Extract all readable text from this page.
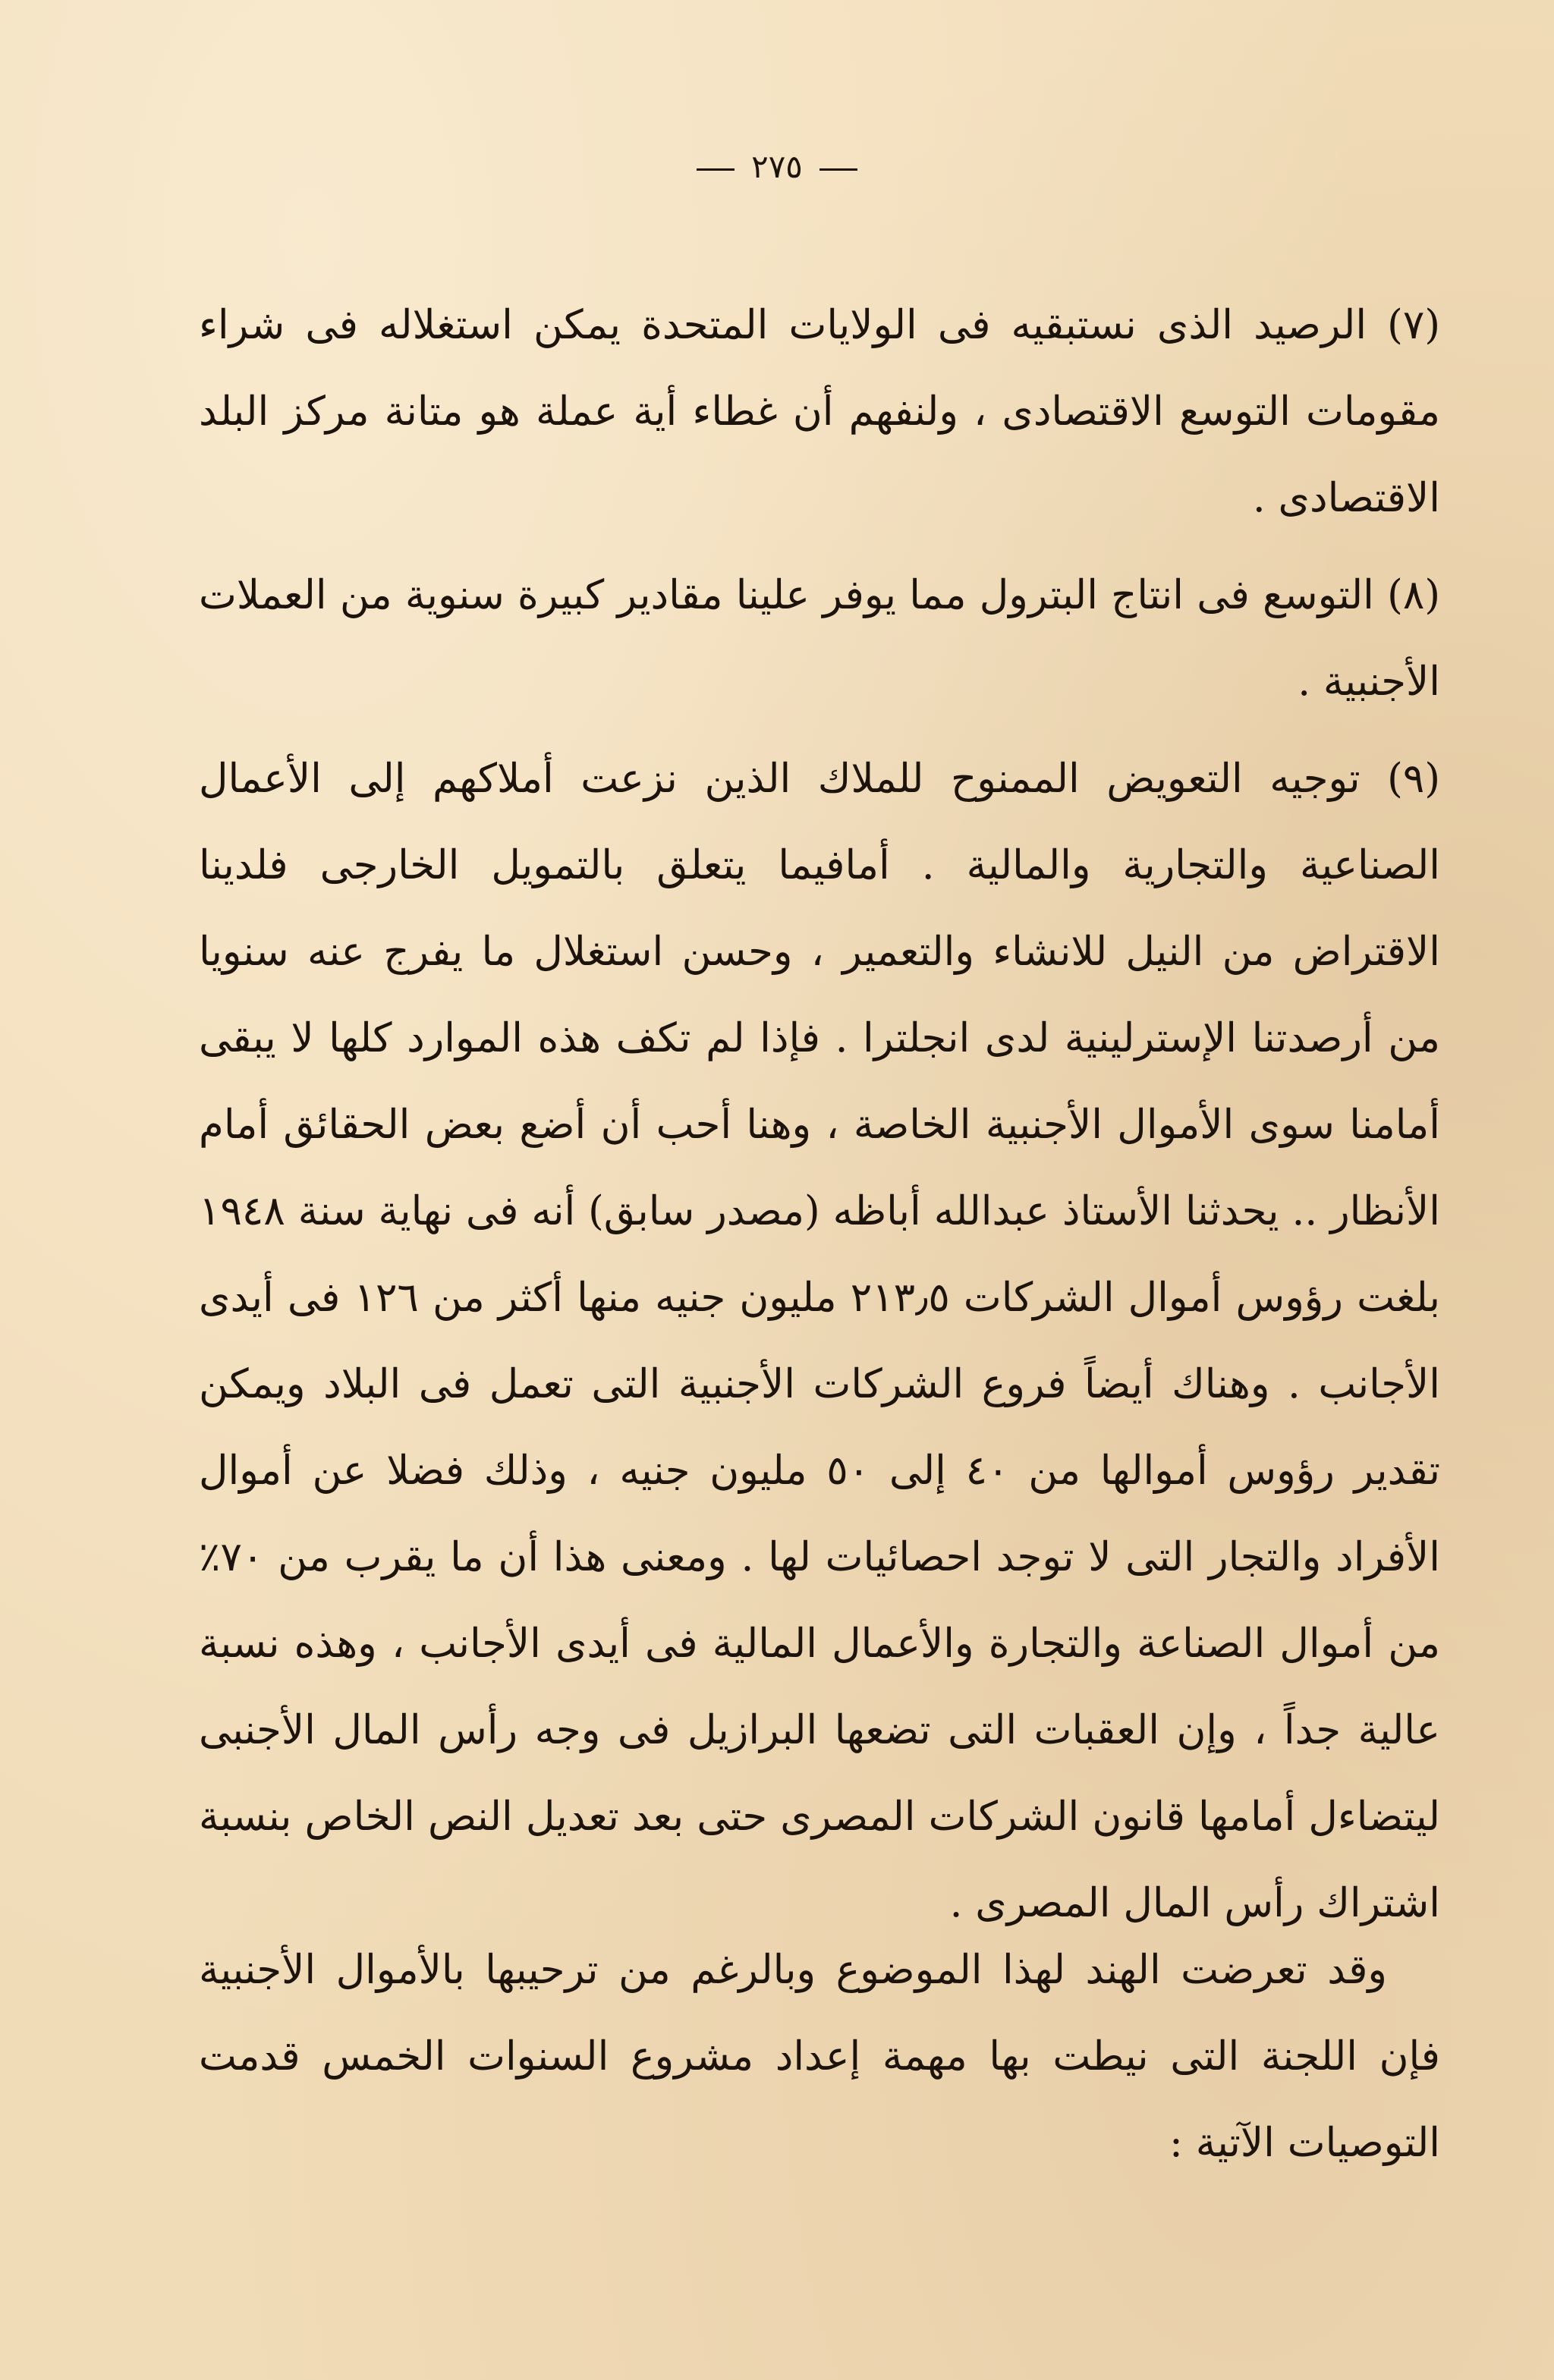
٢٧٥

(٧) الرصيد الذى نستبقيه فى الولايات المتحدة يمكن استغلاله فى شراء مقومات التوسع الاقتصادى ، ولنفهم أن غطاء أية عملة هو متانة مركز البلد الاقتصادى .

(٨) التوسع فى انتاج البترول مما يوفر علينا مقادير كبيرة سنوية من العملات الأجنبية .

(٩) توجيه التعويض الممنوح للملاك الذين نزعت أملاكهم إلى الأعمال الصناعية والتجارية والمالية . أمافيما يتعلق بالتمويل الخارجى فلدينا الاقتراض من النيل للانشاء والتعمير ، وحسن استغلال ما يفرج عنه سنويا من أرصدتنا الإسترلينية لدى انجلترا . فإذا لم تكف هذه الموارد كلها لا يبقى أمامنا سوى الأموال الأجنبية الخاصة ، وهنا أحب أن أضع بعض الحقائق أمام الأنظار .. يحدثنا الأستاذ عبدالله أباظه (مصدر سابق) أنه فى نهاية سنة ١٩٤٨ بلغت رؤوس أموال الشركات ٢١٣٫٥ مليون جنيه منها أكثر من ١٢٦ فى أيدى الأجانب . وهناك أيضاً فروع الشركات الأجنبية التى تعمل فى البلاد ويمكن تقدير رؤوس أموالها من ٤٠ إلى ٥٠ مليون جنيه ، وذلك فضلا عن أموال الأفراد والتجار التى لا توجد احصائيات لها . ومعنى هذا أن ما يقرب من ٧٠٪ من أموال الصناعة والتجارة والأعمال المالية فى أيدى الأجانب ، وهذه نسبة عالية جداً ، وإن العقبات التى تضعها البرازيل فى وجه رأس المال الأجنبى ليتضاءل أمامها قانون الشركات المصرى حتى بعد تعديل النص الخاص بنسبة اشتراك رأس المال المصرى .

وقد تعرضت الهند لهذا الموضوع وبالرغم من ترحيبها بالأموال الأجنبية فإن اللجنة التى نيطت بها مهمة إعداد مشروع السنوات الخمس قدمت التوصيات الآتية :
